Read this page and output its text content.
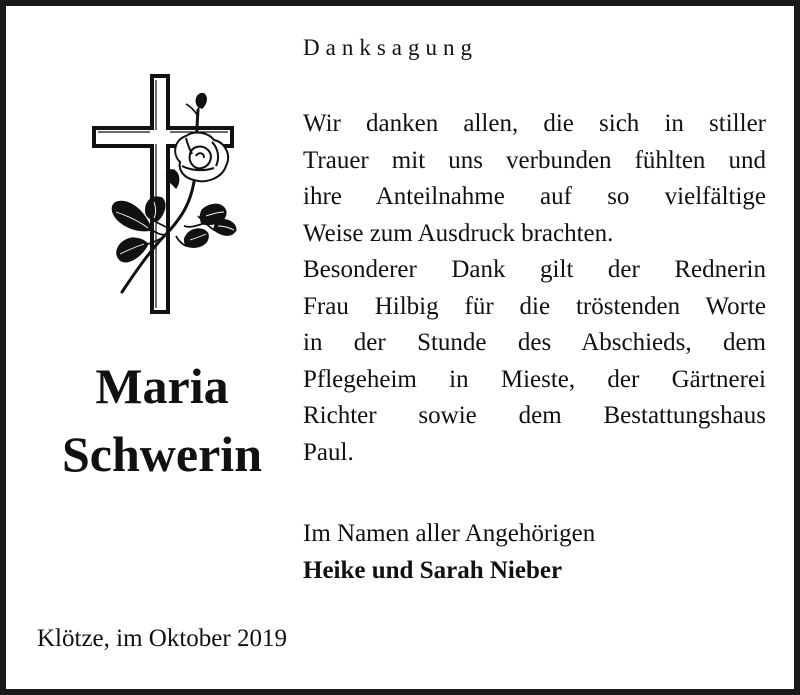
Danksagung
Maria
Schwerin
Wir danken allen, die sich in stiller
Trauer mit uns verbunden fühlten und
ihre Anteilnahme auf so vielfältige
Weise zum Ausdruck brachten.
Besonderer Dank gilt der Rednerin
Frau Hilbig für die tröstenden Worte
in der Stunde des Abschieds, dem
Pflegeheim in Mieste, der Gärtnerei
Richter sowie dem Bestattungshaus
Paul.
Im Namen aller Angehörigen
Heike und Sarah Nieber
Klötze, im Oktober 2019
